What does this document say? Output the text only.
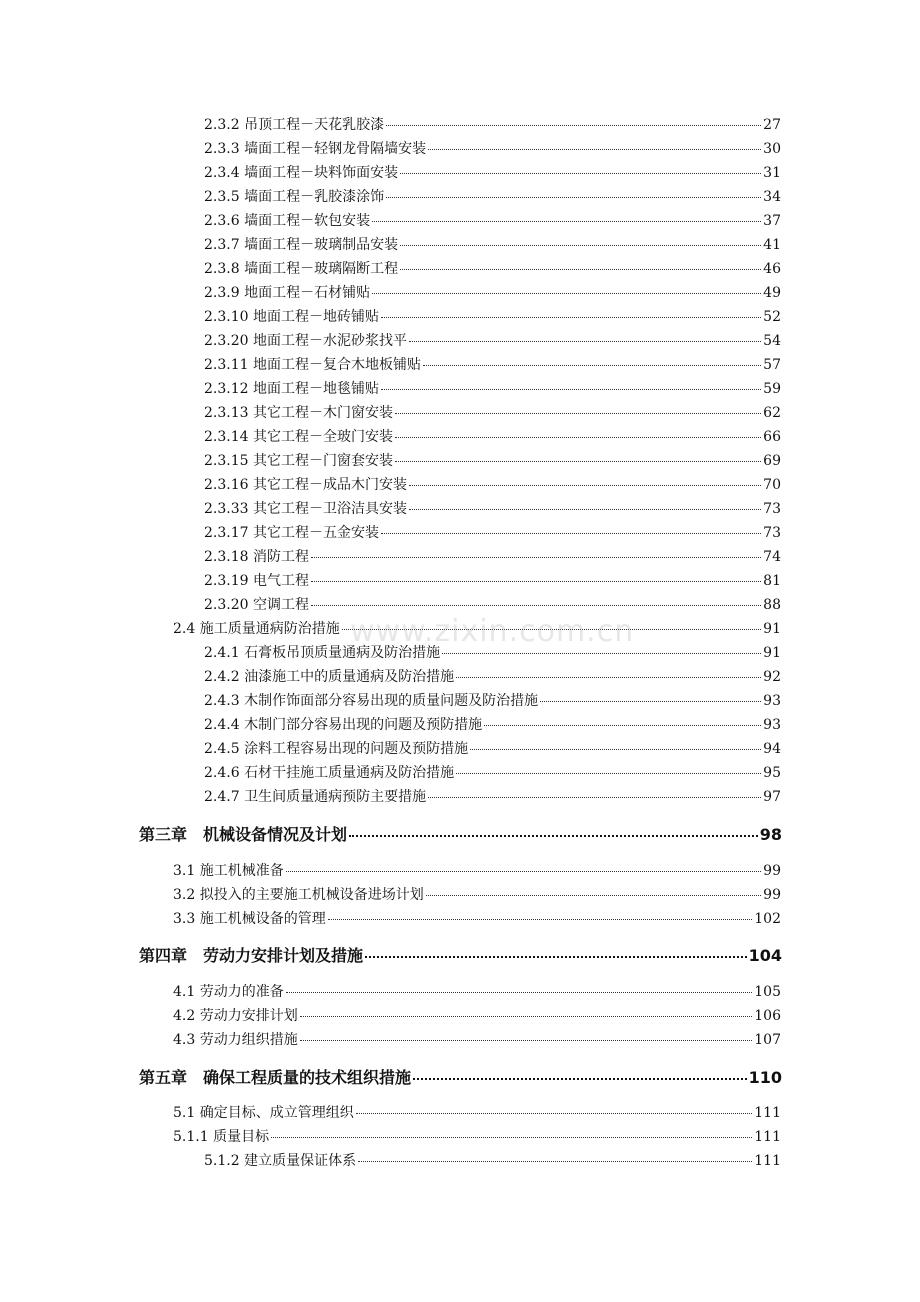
2.3.2 吊顶工程－天花乳胶漆	27
2.3.3 墙面工程－轻钢龙骨隔墙安装	30
2.3.4 墙面工程－块料饰面安装	31
2.3.5 墙面工程－乳胶漆涂饰	34
2.3.6 墙面工程－软包安装	37
2.3.7 墙面工程－玻璃制品安装	41
2.3.8 墙面工程－玻璃隔断工程	46
2.3.9 地面工程－石材铺贴	49
2.3.10 地面工程－地砖铺贴	52
2.3.20 地面工程－水泥砂浆找平	54
2.3.11 地面工程－复合木地板铺贴	57
2.3.12 地面工程－地毯铺贴	59
2.3.13 其它工程－木门窗安装	62
2.3.14 其它工程－全玻门安装	66
2.3.15 其它工程－门窗套安装	69
2.3.16 其它工程－成品木门安装	70
2.3.33 其它工程－卫浴洁具安装	73
2.3.17 其它工程－五金安装	73
2.3.18 消防工程	74
2.3.19 电气工程	81
2.3.20 空调工程	88
2.4 施工质量通病防治措施	91
2.4.1 石膏板吊顶质量通病及防治措施	91
2.4.2 油漆施工中的质量通病及防治措施	92
2.4.3 木制作饰面部分容易出现的质量问题及防治措施	93
2.4.4 木制门部分容易出现的问题及预防措施	93
2.4.5 涂料工程容易出现的问题及预防措施	94
2.4.6 石材干挂施工质量通病及防治措施	95
2.4.7 卫生间质量通病预防主要措施	97
第三章　机械设备情况及计划	98
3.1 施工机械准备	99
3.2 拟投入的主要施工机械设备进场计划	99
3.3 施工机械设备的管理	102
第四章　劳动力安排计划及措施	104
4.1 劳动力的准备	105
4.2 劳动力安排计划	106
4.3 劳动力组织措施	107
第五章　确保工程质量的技术组织措施	110
5.1 确定目标、成立管理组织	111
5.1.1 质量目标	111
5.1.2 建立质量保证体系	111
www.zixin.com.cn
